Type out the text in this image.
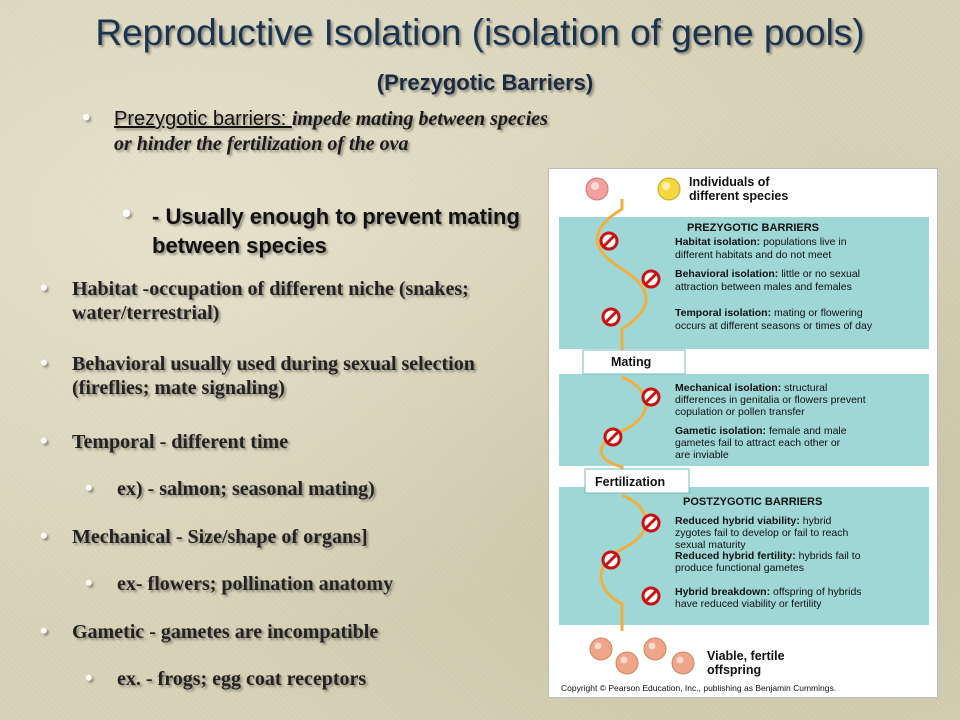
Reproductive Isolation (isolation of gene pools)
(Prezygotic Barriers)
• Prezygotic barriers: impede mating between species or hinder the fertilization of the ova
• - Usually enough to prevent mating between species
• Habitat -occupation of different niche (snakes; water/terrestrial)
• Behavioral usually used during sexual selection (fireflies; mate signaling)
• Temporal - different time
• ex) - salmon; seasonal mating)
• Mechanical - Size/shape of organs]
• ex- flowers; pollination anatomy
• Gametic - gametes are incompatible
• ex. - frogs; egg coat receptors
Individuals of
different species
PREZYGOTIC BARRIERS
Habitat isolation: populations live in different habitats and do not meet
Behavioral isolation: little or no sexual attraction between males and females
Temporal isolation: mating or flowering occurs at different seasons or times of day
Mating
Mechanical isolation: structural differences in genitalia or flowers prevent copulation or pollen transfer
Gametic isolation: female and male gametes fail to attract each other or are inviable
Fertilization
POSTZYGOTIC BARRIERS
Reduced hybrid viability: hybrid zygotes fail to develop or fail to reach sexual maturity
Reduced hybrid fertility: hybrids fail to produce functional gametes
Hybrid breakdown: offspring of hybrids have reduced viability or fertility
Viable, fertile
offspring
Copyright © Pearson Education, Inc., publishing as Benjamin Cummings.
